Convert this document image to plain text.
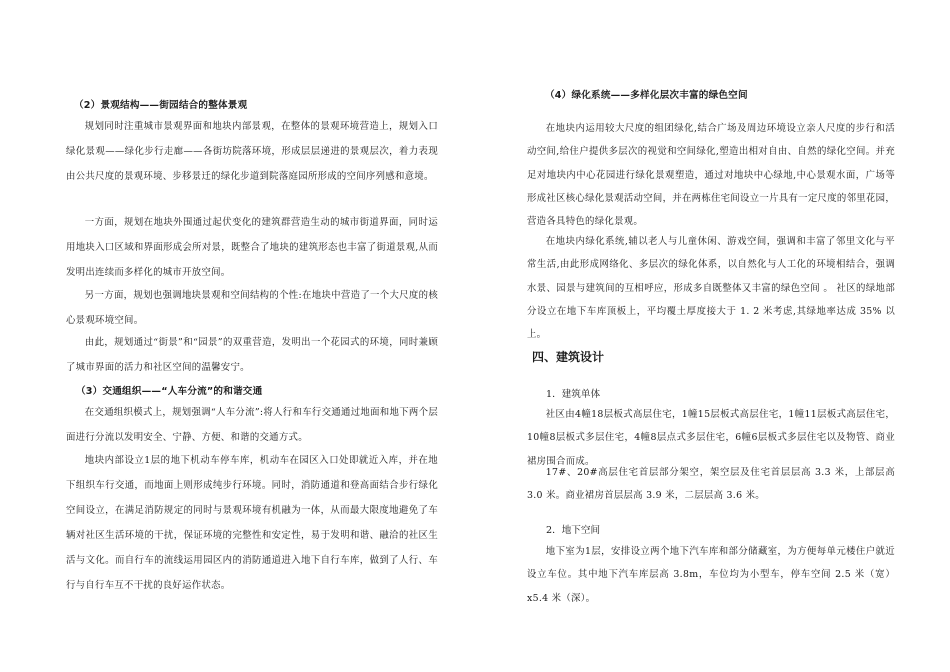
（2）景观结构——街园结合的整体景观

规划同时注重城市景观界面和地块内部景观，在整体的景观环境营造上，规划入口绿化景观——绿化步行走廊——各街坊院落环境，形成层层递进的景观层次，着力表现由公共尺度的景观环境、步移景迁的绿化步道到院落庭园所形成的空间序列感和意境。

一方面，规划在地块外围通过起伏变化的建筑群营造生动的城市街道界面，同时运用地块入口区域和界面形成会所对景，既整合了地块的建筑形态也丰富了街道景观,从而发明出连续而多样化的城市开放空间。

另一方面，规划也强调地块景观和空间结构的个性:在地块中营造了一个大尺度的核心景观环境空间。

由此，规划通过“街景”和“园景”的双重营造，发明出一个花园式的环境，同时兼顾了城市界面的活力和社区空间的温馨安宁。

（3）交通组织——“人车分流”的和谐交通

在交通组织模式上，规划强调“人车分流”:将人行和车行交通通过地面和地下两个层面进行分流以发明安全、宁静、方便、和谐的交通方式。

地块内部设立1层的地下机动车停车库，机动车在园区入口处即就近入库，并在地下组织车行交通，而地面上则形成纯步行环境。同时，消防通道和登高面结合步行绿化空间设立，在满足消防规定的同时与景观环境有机融为一体，从而最大限度地避免了车辆对社区生活环境的干扰，保证环境的完整性和安定性，易于发明和谐、融洽的社区生活与文化。而自行车的流线运用园区内的消防通道进入地下自行车库，做到了人行、车行与自行车互不干扰的良好运作状态。

（4）绿化系统——多样化层次丰富的绿色空间

在地块内运用较大尺度的组团绿化,结合广场及周边环境设立亲人尺度的步行和活动空间,给住户提供多层次的视觉和空间绿化,塑造出相对自由、自然的绿化空间。并充足对地块内中心花园进行绿化景观塑造，通过对地块中心绿地,中心景观水面，广场等形成社区核心绿化景观活动空间，并在两栋住宅间设立一片具有一定尺度的邻里花园，营造各具特色的绿化景观。

在地块内绿化系统,辅以老人与儿童休闲、游戏空间，强调和丰富了邻里文化与平常生活,由此形成网络化、多层次的绿化体系，以自然化与人工化的环境相结合，强调水景、园景与建筑间的互相呼应，形成多自既整体又丰富的绿色空间 。 社区的绿地部分设立在地下车库顶板上，平均覆土厚度接大于 1. 2 米考虑,其绿地率达成 35% 以上。

四、建筑设计

1．建筑单体

社区由4幢18层板式高层住宅，1幢15层板式高层住宅，1幢11层板式高层住宅，10幢8层板式多层住宅，4幢8层点式多层住宅，6幢6层板式多层住宅以及物管、商业裙房围合而成。

17#、20#高层住宅首层部分架空，架空层及住宅首层层高 3.3 米，上部层高 3.0 米。商业裙房首层层高 3.9 米，二层层高 3.6 米。

2．地下空间

地下室为1层，安排设立两个地下汽车库和部分储藏室，为方便每单元楼住户就近设立车位。其中地下汽车库层高 3.8m，车位均为小型车，停车空间 2.5 米（宽）x5.4 米（深）。
